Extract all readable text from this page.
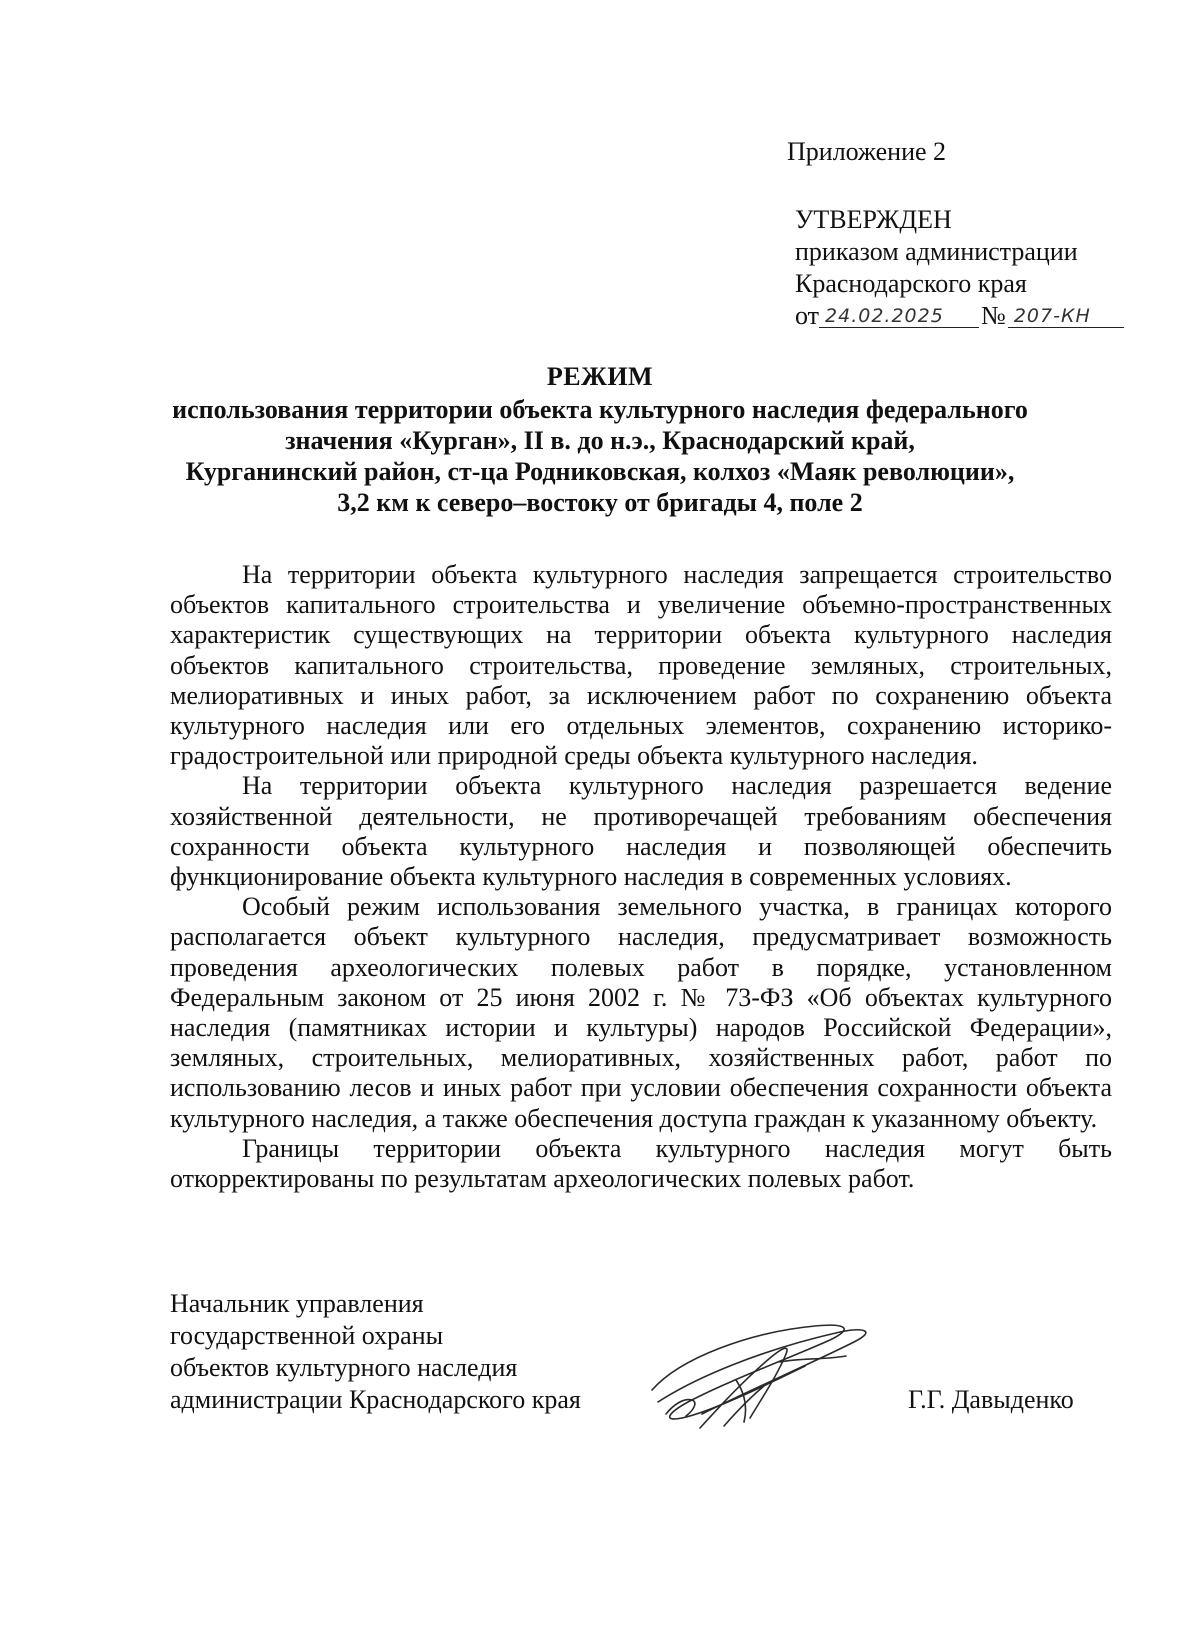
Приложение 2
УТВЕРЖДЕН
приказом администрации
Краснодарского края
от 24.02.2025	№ 207-КН
РЕЖИМ
использования территории объекта культурного наследия федерального
значения «Курган», II в. до н.э., Краснодарский край,
Курганинский район, ст-ца Родниковская, колхоз «Маяк революции»,
3,2 км к северо–востоку от бригады 4, поле 2

На территории объекта культурного наследия запрещается строительство объектов капитального строительства и увеличение объемно-пространственных характеристик существующих на территории объекта культурного наследия объектов капитального строительства, проведение земляных, строительных, мелиоративных и иных работ, за исключением работ по сохранению объекта культурного наследия или его отдельных элементов, сохранению историко-градостроительной или природной среды объекта культурного наследия.

На территории объекта культурного наследия разрешается ведение хозяйственной деятельности, не противоречащей требованиям обеспечения сохранности объекта культурного наследия и позволяющей обеспечить функционирование объекта культурного наследия в современных условиях.

Особый режим использования земельного участка, в границах которого располагается объект культурного наследия, предусматривает возможность проведения археологических полевых работ в порядке, установленном Федеральным законом от 25 июня 2002 г. № 73-ФЗ «Об объектах культурного наследия (памятниках истории и культуры) народов Российской Федерации», земляных, строительных, мелиоративных, хозяйственных работ, работ по использованию лесов и иных работ при условии обеспечения сохранности объекта культурного наследия, а также обеспечения доступа граждан к указанному объекту.

Границы территории объекта культурного наследия могут быть откорректированы по результатам археологических полевых работ.

Начальник управления
государственной охраны
объектов культурного наследия
администрации Краснодарского края	Г.Г. Давыденко
